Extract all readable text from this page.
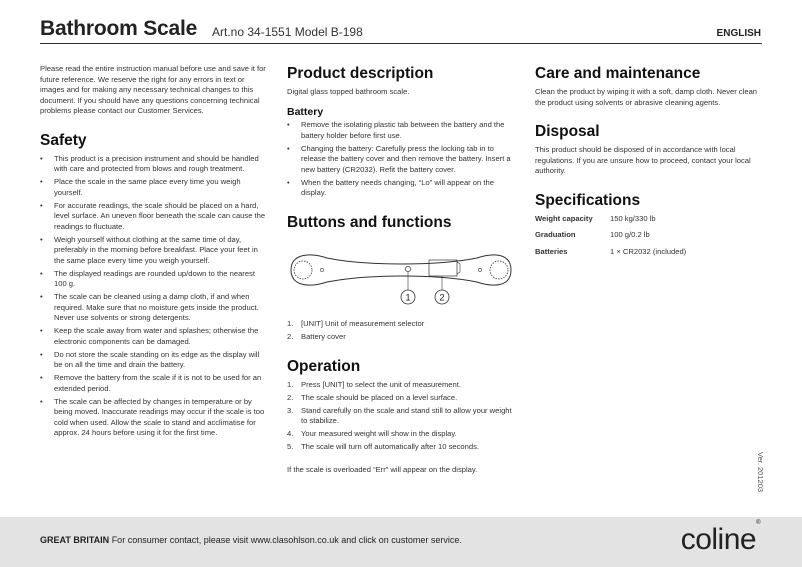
Bathroom Scale Art.no 34-1551 Model B-198	ENGLISH

Please read the entire instruction manual before use and save it for future reference. We reserve the right for any errors in text or images and for making any necessary technical changes to this document. If you should have any questions concerning technical problems please contact our Customer Services.

Safety
• This product is a precision instrument and should be handled with care and protected from blows and rough treatment.
• Place the scale in the same place every time you weigh yourself.
• For accurate readings, the scale should be placed on a hard, level surface. An uneven floor beneath the scale can cause the readings to fluctuate.
• Weigh yourself without clothing at the same time of day, preferably in the morning before breakfast. Place your feet in the same place every time you weigh yourself.
• The displayed readings are rounded up/down to the nearest 100 g.
• The scale can be cleaned using a damp cloth, if and when required. Make sure that no moisture gets inside the product. Never use solvents or strong detergents.
• Keep the scale away from water and splashes; otherwise the electronic components can be damaged.
• Do not store the scale standing on its edge as the display will be on all the time and drain the battery.
• Remove the battery from the scale if it is not to be used for an extended period.
• The scale can be affected by changes in temperature or by being moved. Inaccurate readings may occur if the scale is too cold when used. Allow the scale to stand and acclimatise for approx. 24 hours before using it for the first time.
Product description

Digital glass topped bathroom scale.

Battery
• Remove the isolating plastic tab between the battery and the battery holder before first use.
• Changing the battery: Carefully press the locking tab in to release the battery cover and then remove the battery. Insert a new battery (CR2032). Refit the battery cover.
• When the battery needs changing, “Lo” will appear on the display.
Buttons and functions
1	2
1. [UNIT] Unit of measurement selector
2. Battery cover
Operation
1. Press [UNIT] to select the unit of measurement.
2. The scale should be placed on a level surface.
3. Stand carefully on the scale and stand still to allow your weight to stabilize.
4. Your measured weight will show in the display.
5. The scale will turn off automatically after 10 seconds.

If the scale is overloaded “Err” will appear on the display.

Care and maintenance

Clean the product by wiping it with a soft, damp cloth. Never clean the product using solvents or abrasive cleaning agents.

Disposal

This product should be disposed of in accordance with local regulations. If you are unsure how to proceed, contact your local authority.

Specifications
Weight capacity	150 kg/330 lb
Graduation	100 g/0.2 lb
Batteries	1 × CR2032 (included)
Ver. 201203
GREAT BRITAIN For consumer contact, please visit www.clasohlson.co.uk and click on customer service.	coline®
